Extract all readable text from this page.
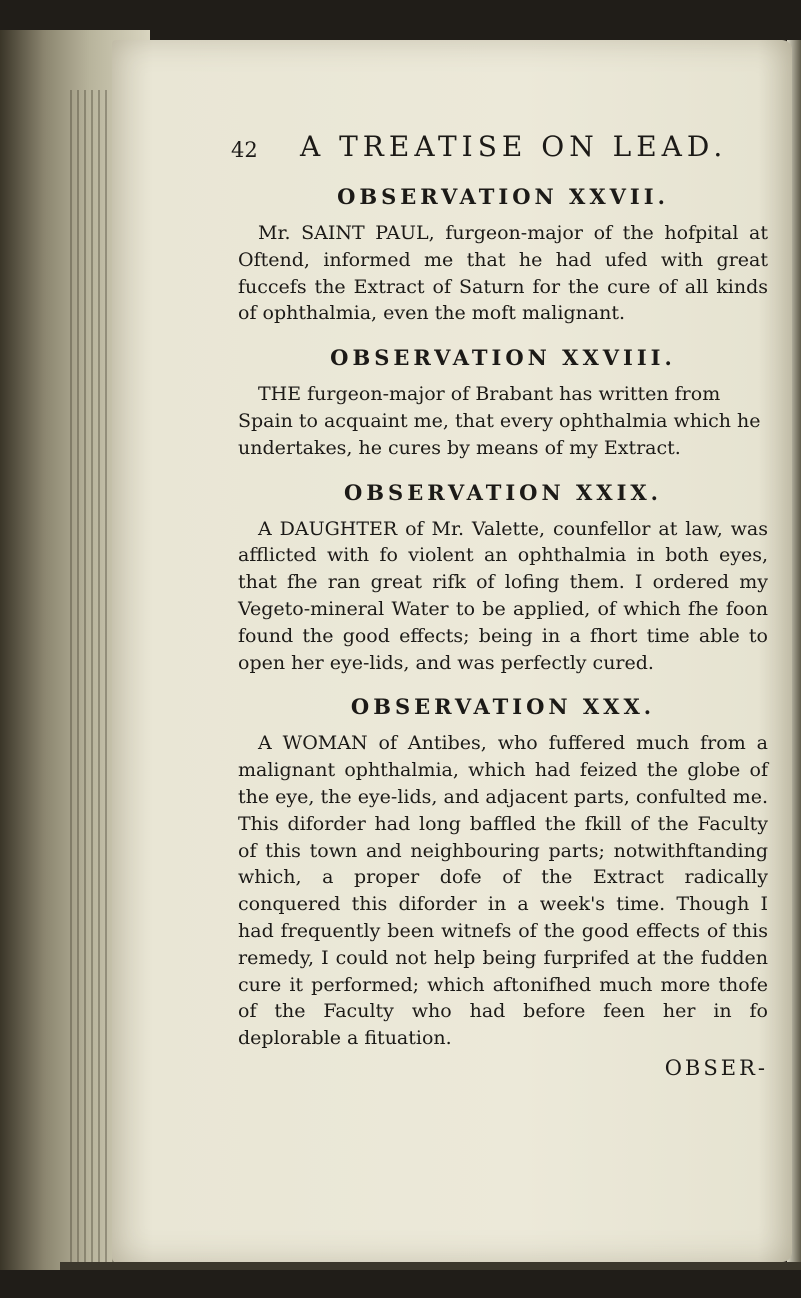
42 A TREATISE ON LEAD.
OBSERVATION XXVII.

Mr. SAINT PAUL, furgeon-major of the hofpital at Oftend, informed me that he had ufed with great fuccefs the Extract of Saturn for the cure of all kinds of ophthalmia, even the moft malignant.

OBSERVATION XXVIII.

THE furgeon-major of Brabant has written from Spain to acquaint me, that every ophthalmia which he undertakes, he cures by means of my Extract.

OBSERVATION XXIX.

A DAUGHTER of Mr. Valette, counfellor at law, was afflicted with fo violent an ophthalmia in both eyes, that fhe ran great rifk of lofing them. I ordered my Vegeto-mineral Water to be applied, of which fhe foon found the good effects; being in a fhort time able to open her eye-lids, and was perfectly cured.

OBSERVATION XXX.

A WOMAN of Antibes, who fuffered much from a malignant ophthalmia, which had feized the globe of the eye, the eye-lids, and adjacent parts, confulted me. This diforder had long baffled the fkill of the Faculty of this town and neighbouring parts; notwithftanding which, a proper dofe of the Extract radically conquered this diforder in a week's time. Though I had frequently been witnefs of the good effects of this remedy, I could not help being furprifed at the fudden cure it performed; which aftonifhed much more thofe of the Faculty who had before feen her in fo deplorable a fituation.

OBSER-
